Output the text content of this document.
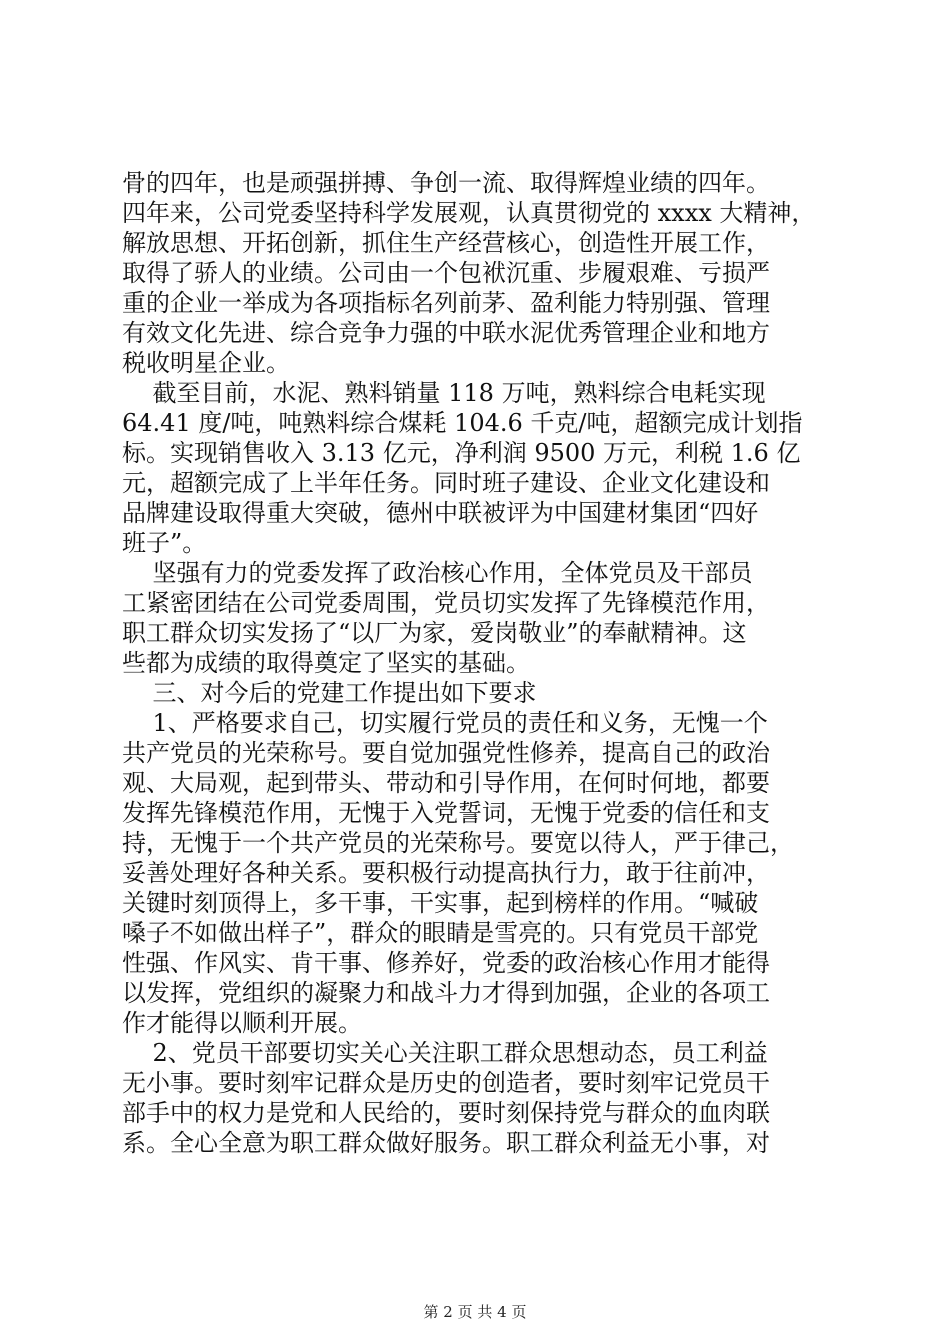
骨的四年，也是顽强拼搏、争创一流、取得辉煌业绩的四年。
四年来，公司党委坚持科学发展观，认真贯彻党的 xxxx 大精神，
解放思想、开拓创新，抓住生产经营核心，创造性开展工作，
取得了骄人的业绩。公司由一个包袱沉重、步履艰难、亏损严
重的企业一举成为各项指标名列前茅、盈利能力特别强、管理
有效文化先进、综合竞争力强的中联水泥优秀管理企业和地方
税收明星企业。
截至目前，水泥、熟料销量 118 万吨，熟料综合电耗实现
64.41 度/吨，吨熟料综合煤耗 104.6 千克/吨，超额完成计划指
标。实现销售收入 3.13 亿元，净利润 9500 万元，利税 1.6 亿
元，超额完成了上半年任务。同时班子建设、企业文化建设和
品牌建设取得重大突破，德州中联被评为中国建材集团“四好
班子”。
坚强有力的党委发挥了政治核心作用，全体党员及干部员
工紧密团结在公司党委周围，党员切实发挥了先锋模范作用，
职工群众切实发扬了“以厂为家，爱岗敬业”的奉献精神。这
些都为成绩的取得奠定了坚实的基础。
三、对今后的党建工作提出如下要求
1、严格要求自己，切实履行党员的责任和义务，无愧一个
共产党员的光荣称号。要自觉加强党性修养，提高自己的政治
观、大局观，起到带头、带动和引导作用，在何时何地，都要
发挥先锋模范作用，无愧于入党誓词，无愧于党委的信任和支
持，无愧于一个共产党员的光荣称号。要宽以待人，严于律己，
妥善处理好各种关系。要积极行动提高执行力，敢于往前冲，
关键时刻顶得上，多干事，干实事，起到榜样的作用。“喊破
嗓子不如做出样子”，群众的眼睛是雪亮的。只有党员干部党
性强、作风实、肯干事、修养好，党委的政治核心作用才能得
以发挥，党组织的凝聚力和战斗力才得到加强，企业的各项工
作才能得以顺利开展。
2、党员干部要切实关心关注职工群众思想动态，员工利益
无小事。要时刻牢记群众是历史的创造者，要时刻牢记党员干
部手中的权力是党和人民给的，要时刻保持党与群众的血肉联
系。全心全意为职工群众做好服务。职工群众利益无小事，对
第 2 页 共 4 页
